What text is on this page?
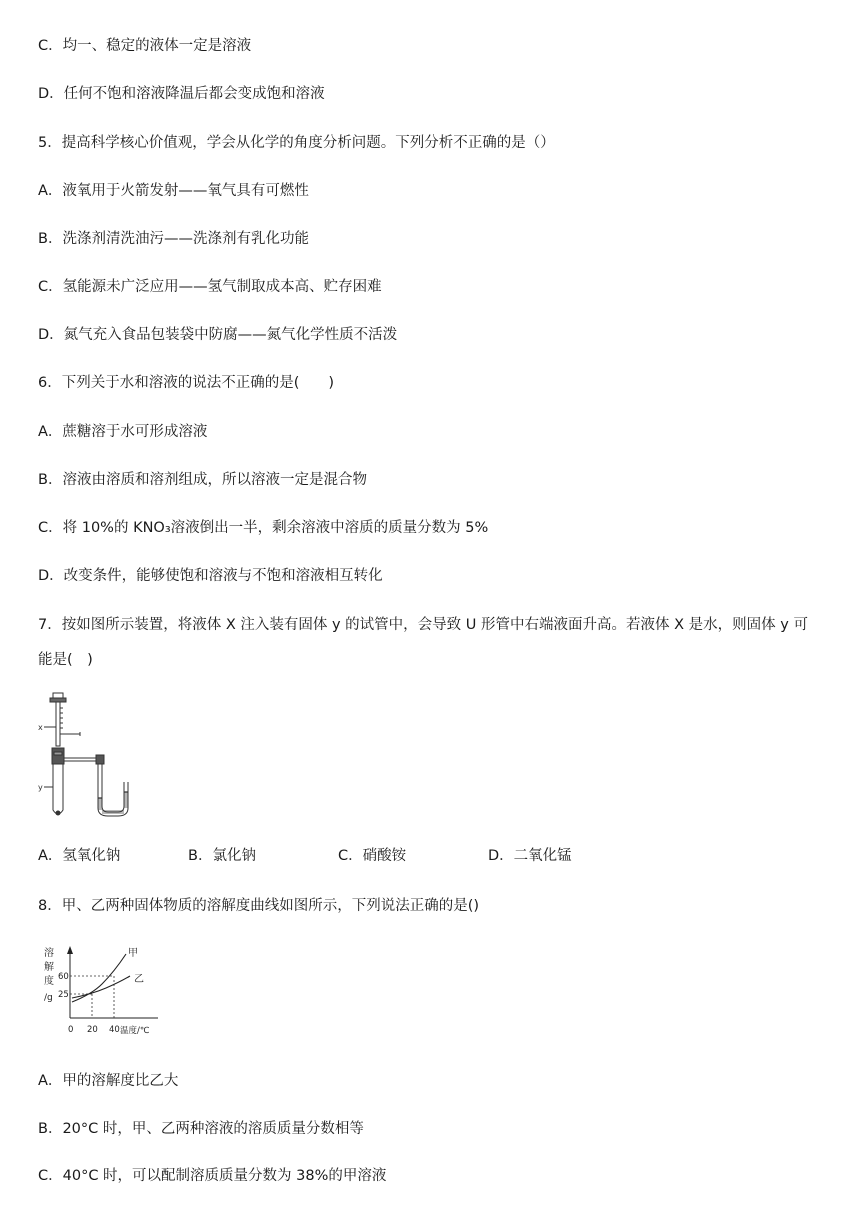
C．均一、稳定的液体一定是溶液
D．任何不饱和溶液降温后都会变成饱和溶液
5．提高科学核心价值观，学会从化学的角度分析问题。下列分析不正确的是（）
A．液氧用于火箭发射——氧气具有可燃性
B．洗涤剂清洗油污——洗涤剂有乳化功能
C．氢能源未广泛应用——氢气制取成本高、贮存困难
D．氮气充入食品包装袋中防腐——氮气化学性质不活泼
6．下列关于水和溶液的说法不正确的是(　　)
A．蔗糖溶于水可形成溶液
B．溶液由溶质和溶剂组成，所以溶液一定是混合物
C．将 10%的 KNO₃溶液倒出一半，剩余溶液中溶质的质量分数为 5%
D．改变条件，能够使饱和溶液与不饱和溶液相互转化
7．按如图所示装置，将液体 X 注入装有固体 y 的试管中，会导致 U 形管中右端液面升高。若液体 X 是水，则固体 y 可
能是(　)
x
y
A．氢氧化钠	B．氯化钠	C．硝酸铵	D．二氧化锰
8．甲、乙两种固体物质的溶解度曲线如图所示，下列说法正确的是()
溶
解
度
/g
60
25
甲
乙
0 20 40 温度/℃
A．甲的溶解度比乙大
B．20°C 时，甲、乙两种溶液的溶质质量分数相等
C．40°C 时，可以配制溶质质量分数为 38%的甲溶液
